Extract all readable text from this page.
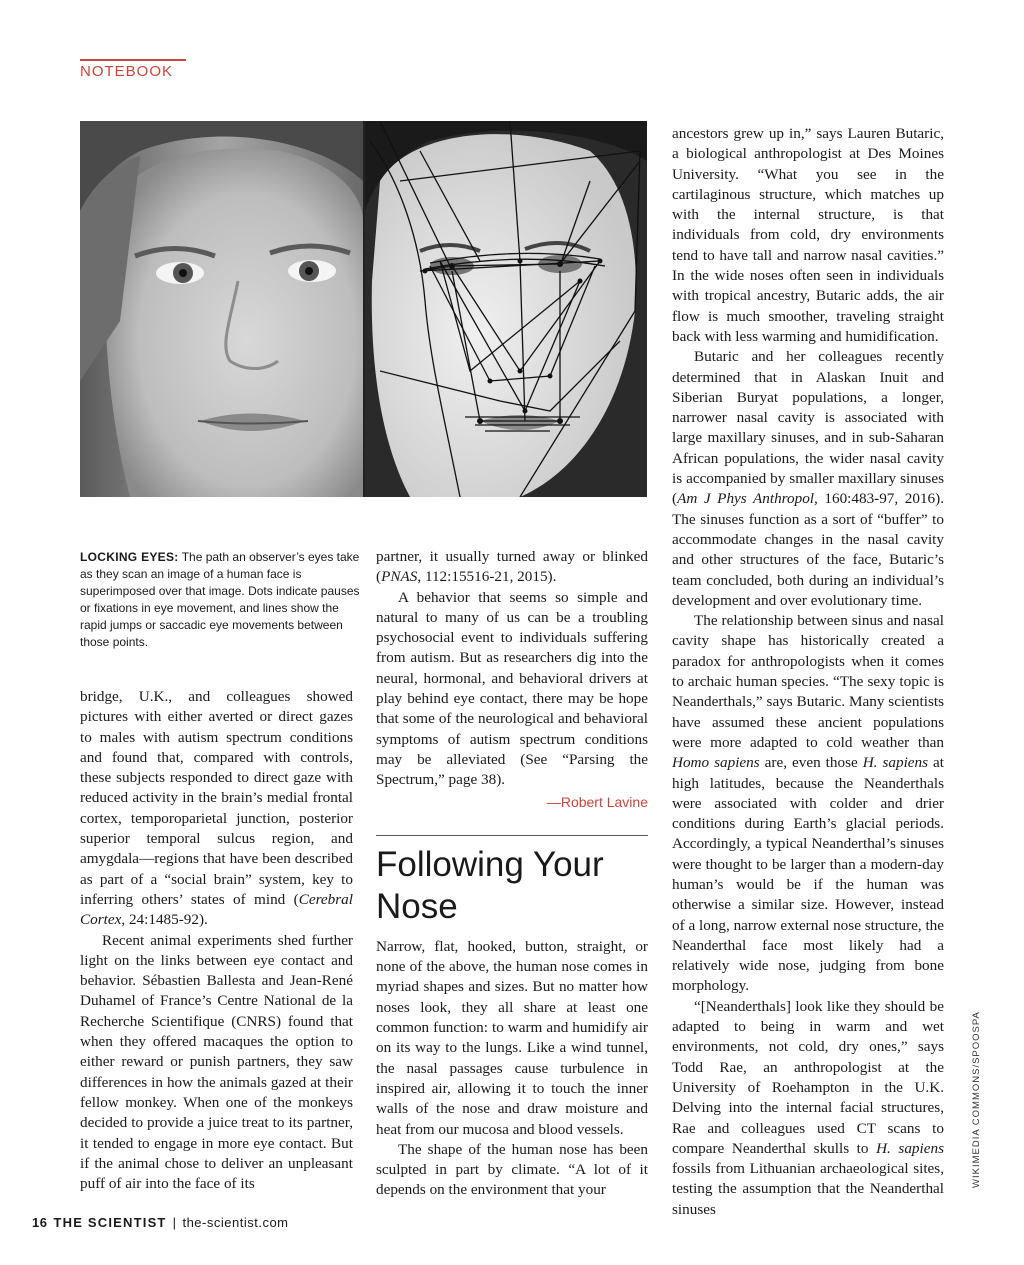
NOTEBOOK
LOCKING EYES: The path an observer’s eyes take as they scan an image of a human face is superimposed over that image. Dots indicate pauses or fixations in eye movement, and lines show the rapid jumps or saccadic eye movements between those points.

bridge, U.K., and colleagues showed pictures with either averted or direct gazes to males with autism spectrum conditions and found that, compared with controls, these subjects responded to direct gaze with reduced activity in the brain’s medial frontal cortex, temporoparietal junction, posterior superior temporal sulcus region, and amygdala—regions that have been described as part of a “social brain” system, key to inferring others’ states of mind (Cerebral Cortex, 24:1485-92).

Recent animal experiments shed further light on the links between eye contact and behavior. Sébastien Ballesta and Jean-René Duhamel of France’s Centre National de la Recherche Scientifique (CNRS) found that when they offered macaques the option to either reward or punish partners, they saw differences in how the animals gazed at their fellow monkey. When one of the monkeys decided to provide a juice treat to its partner, it tended to engage in more eye contact. But if the animal chose to deliver an unpleasant puff of air into the face of its

partner, it usually turned away or blinked (PNAS, 112:15516-21, 2015).

A behavior that seems so simple and natural to many of us can be a troubling psychosocial event to individuals suffering from autism. But as researchers dig into the neural, hormonal, and behavioral drivers at play behind eye contact, there may be hope that some of the neurological and behavioral symptoms of autism spectrum conditions may be alleviated (See “Parsing the Spectrum,” page 38).

—Robert Lavine
Following Your Nose

Narrow, flat, hooked, button, straight, or none of the above, the human nose comes in myriad shapes and sizes. But no matter how noses look, they all share at least one common function: to warm and humidify air on its way to the lungs. Like a wind tunnel, the nasal passages cause turbulence in inspired air, allowing it to touch the inner walls of the nose and draw moisture and heat from our mucosa and blood vessels.

The shape of the human nose has been sculpted in part by climate. “A lot of it depends on the environment that your

ancestors grew up in,” says Lauren Butaric, a biological anthropologist at Des Moines University. “What you see in the cartilaginous structure, which matches up with the internal structure, is that individuals from cold, dry environments tend to have tall and narrow nasal cavities.” In the wide noses often seen in individuals with tropical ancestry, Butaric adds, the air flow is much smoother, traveling straight back with less warming and humidification.

Butaric and her colleagues recently determined that in Alaskan Inuit and Siberian Buryat populations, a longer, narrower nasal cavity is associated with large maxillary sinuses, and in sub-Saharan African populations, the wider nasal cavity is accompanied by smaller maxillary sinuses (Am J Phys Anthropol, 160:483-97, 2016). The sinuses function as a sort of “buffer” to accommodate changes in the nasal cavity and other structures of the face, Butaric’s team concluded, both during an individual’s development and over evolutionary time.

The relationship between sinus and nasal cavity shape has historically created a paradox for anthropologists when it comes to archaic human species. “The sexy topic is Neanderthals,” says Butaric. Many scientists have assumed these ancient populations were more adapted to cold weather than Homo sapiens are, even those H. sapiens at high latitudes, because the Neanderthals were associated with colder and drier conditions during Earth’s glacial periods. Accordingly, a typical Neanderthal’s sinuses were thought to be larger than a modern-day human’s would be if the human was otherwise a similar size. However, instead of a long, narrow external nose structure, the Neanderthal face most likely had a relatively wide nose, judging from bone morphology.

“[Neanderthals] look like they should be adapted to being in warm and wet environments, not cold, dry ones,” says Todd Rae, an anthropologist at the University of Roehampton in the U.K. Delving into the internal facial structures, Rae and colleagues used CT scans to compare Neanderthal skulls to H. sapiens fossils from Lithuanian archaeological sites, testing the assumption that the Neanderthal sinuses

WIKIMEDIA COMMONS/SPOOSPA
16 THE SCIENTIST | the-scientist.com
